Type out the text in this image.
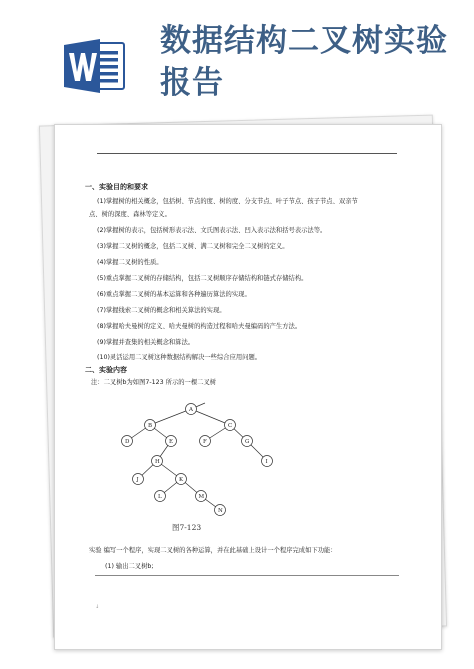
数据结构二叉树实验报告
一、实验目的和要求
(1)掌握树的相关概念，包括树、节点的度、树的度、分支节点、叶子节点、孩子节点、双亲节
点、树的深度、森林等定义。
(2)掌握树的表示，包括树形表示法、文氏图表示法、凹入表示法和括号表示法等。
(3)掌握二叉树的概念，包括二叉树、满二叉树和完全二叉树的定义。
(4)掌握二叉树的性质。
(5)重点掌握二叉树的存储结构，包括二叉树顺序存储结构和链式存储结构。
(6)重点掌握二叉树的基本运算和各种遍历算法的实现。
(7)掌握线索二叉树的概念和相关算法的实现。
(8)掌握哈夫曼树的定义、哈夫曼树的构造过程和哈夫曼编码的产生方法。
(9)掌握并查集的相关概念和算法。
(10)灵活运用二叉树这种数据结构解决一些综合应用问题。
二、实验内容
注：二叉树b为如图7-123 所示的一棵二叉树
A
B	C
D	E	F	G
H	I
J	K
L	M
N
图7-123
实验 编写一个程序，实现二叉树的各种运算，并在此基础上设计一个程序完成如下功能：
(1) 输出二叉树b;
↓
